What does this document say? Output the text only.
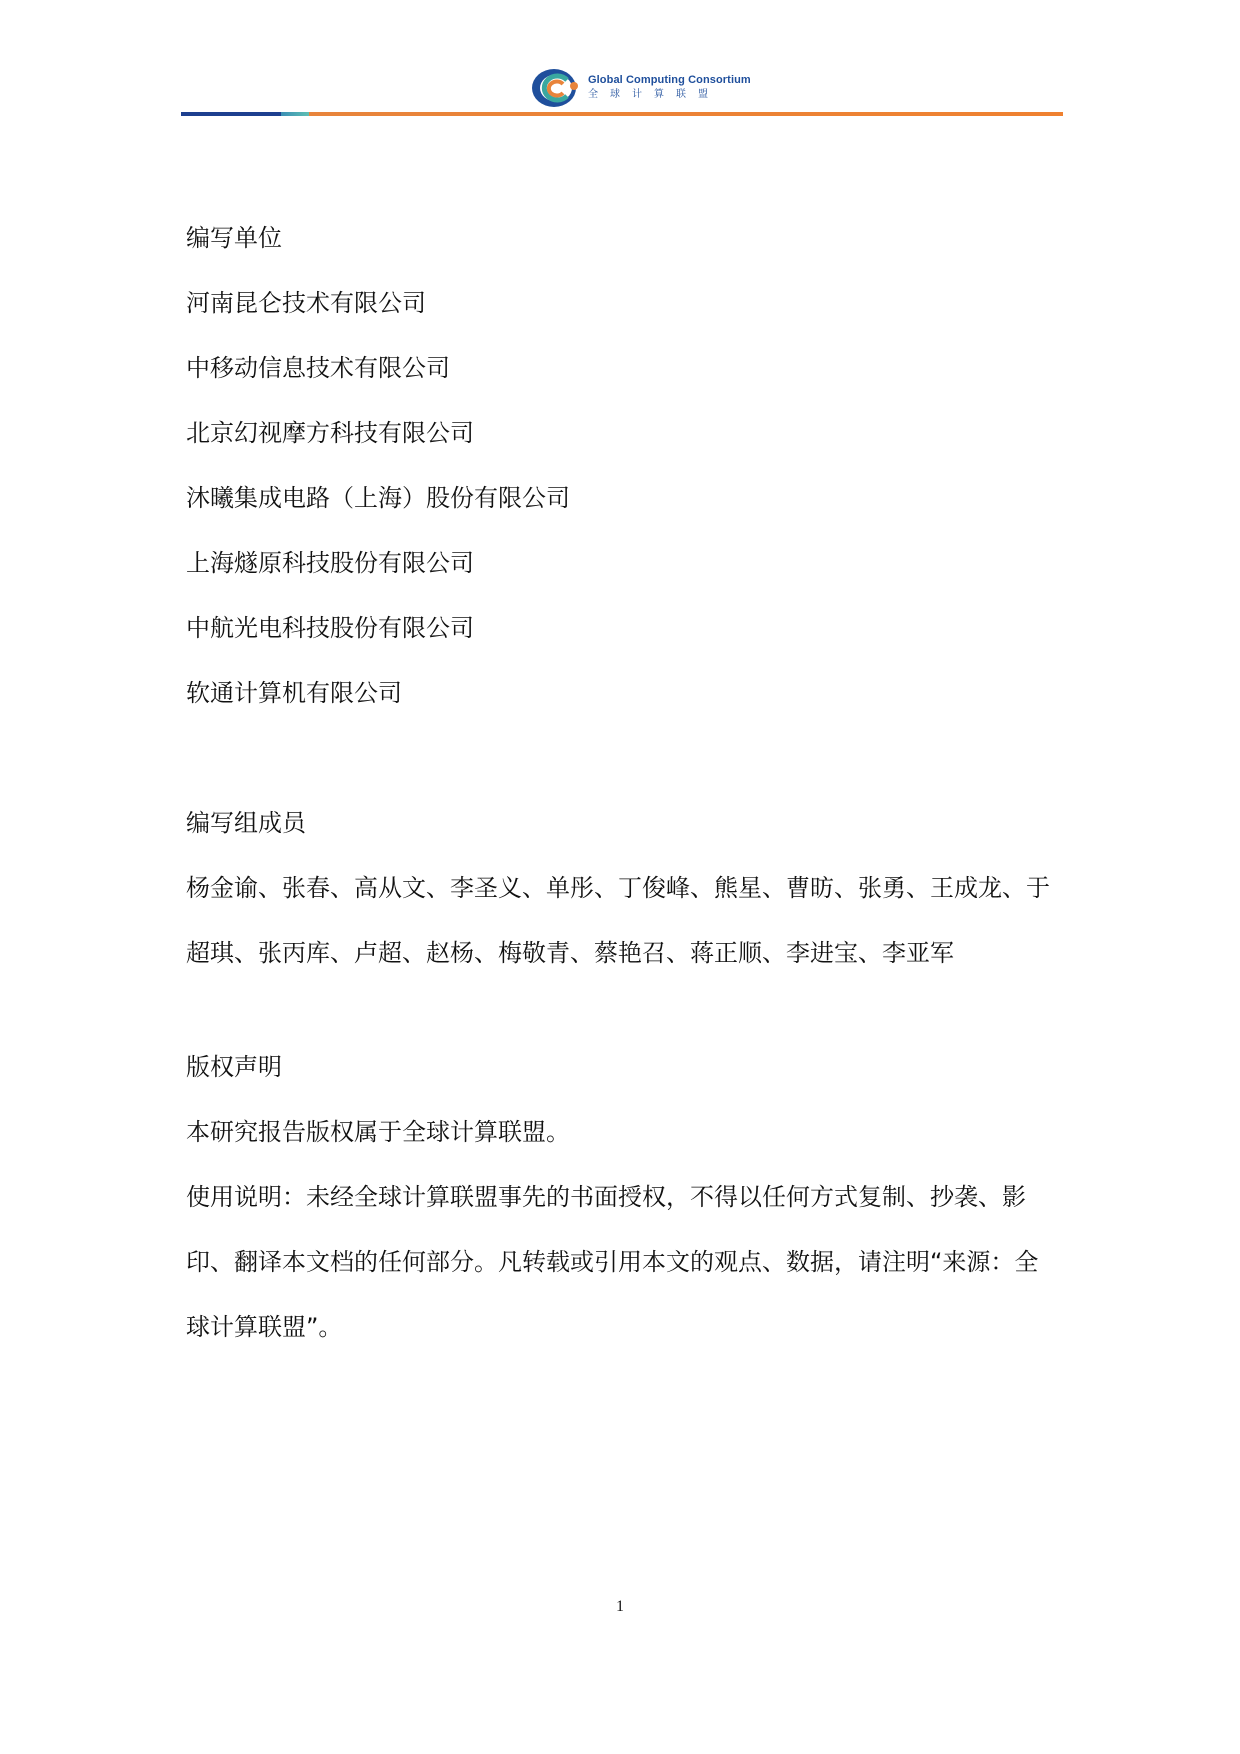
Global Computing Consortium
全球计算联盟
编写单位
河南昆仑技术有限公司
中移动信息技术有限公司
北京幻视摩方科技有限公司
沐曦集成电路（上海）股份有限公司
上海燧原科技股份有限公司
中航光电科技股份有限公司
软通计算机有限公司
编写组成员

杨金谕、张春、高从文、李圣义、单彤、丁俊峰、熊星、曹昉、张勇、王成龙、于超琪、张丙库、卢超、赵杨、梅敬青、蔡艳召、蒋正顺、李进宝、李亚军

版权声明
本研究报告版权属于全球计算联盟。

使用说明：未经全球计算联盟事先的书面授权，不得以任何方式复制、抄袭、影印、翻译本文档的任何部分。凡转载或引用本文的观点、数据，请注明“来源：全球计算联盟”。

1
